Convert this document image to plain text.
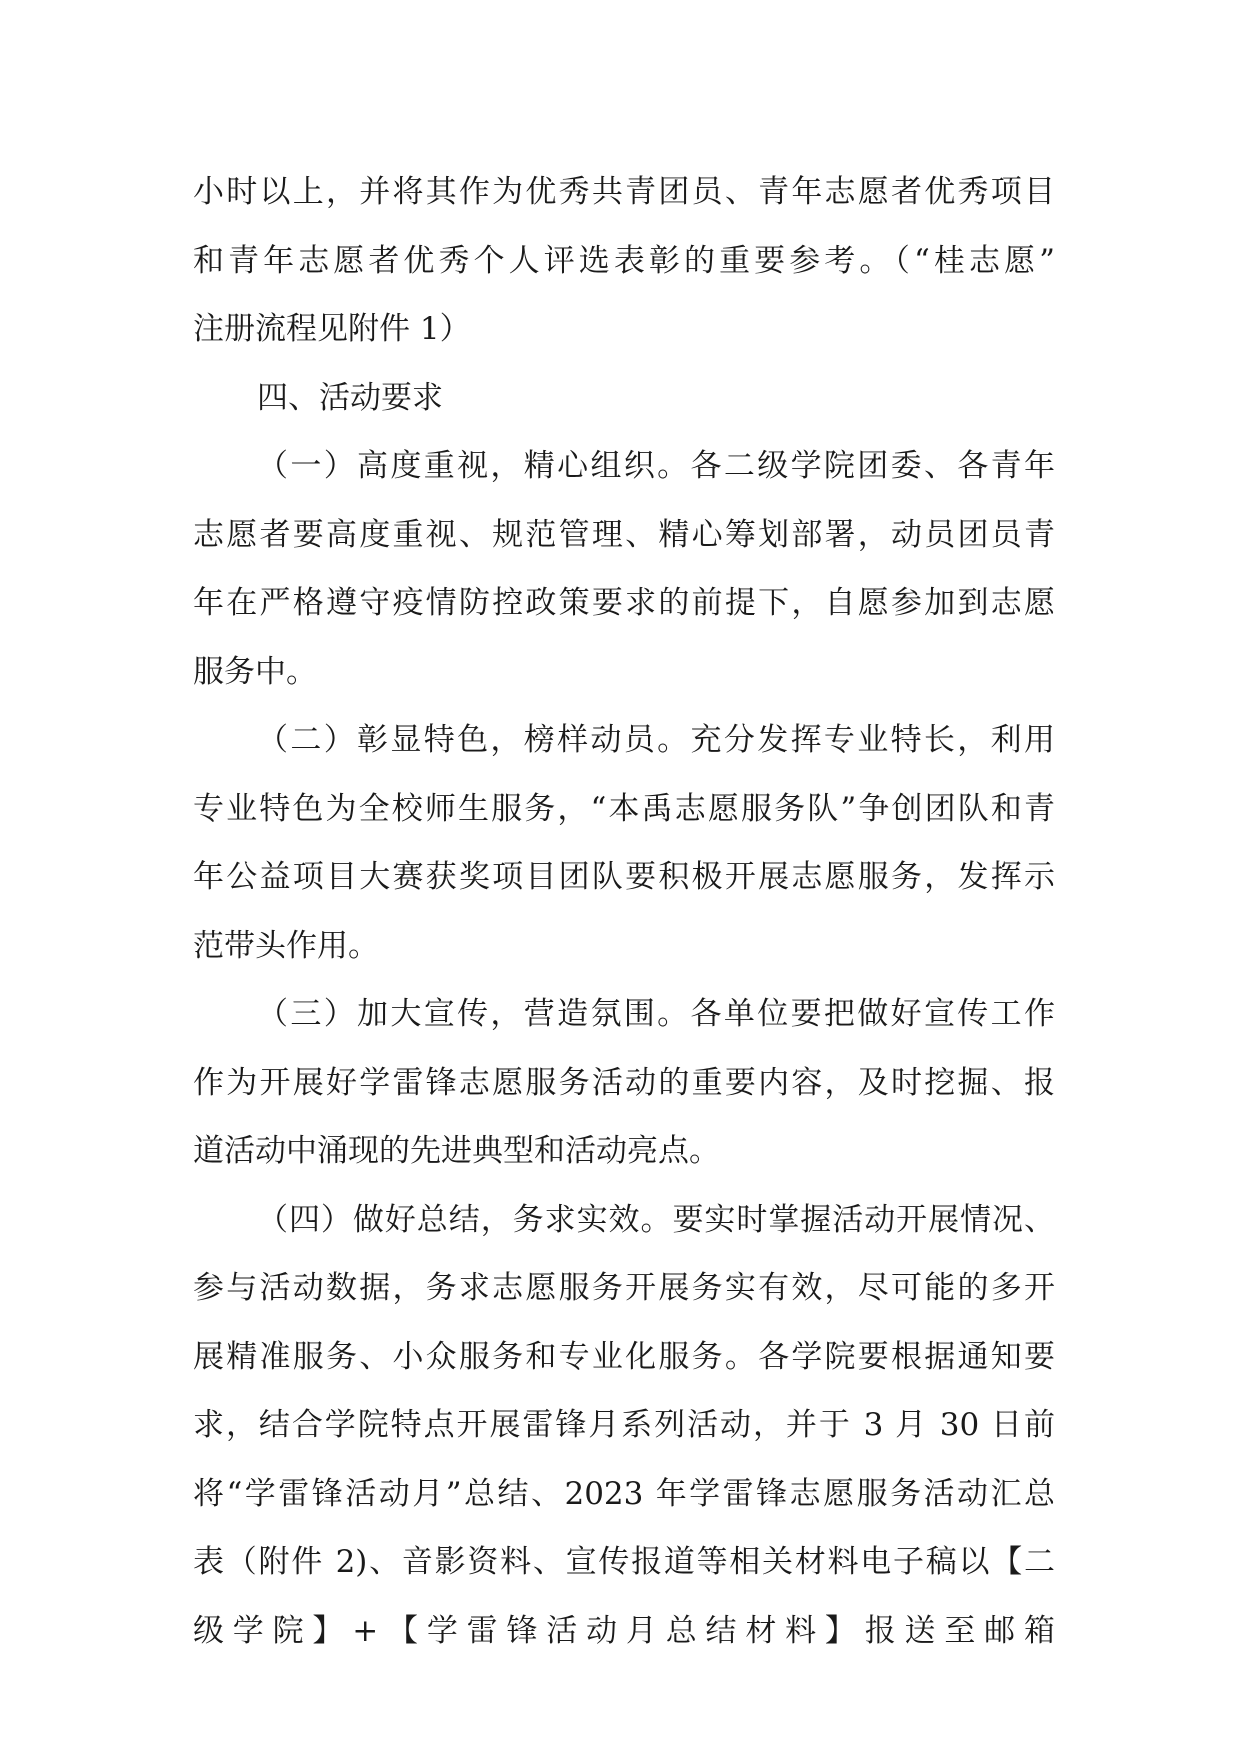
小时以上，并将其作为优秀共青团员、青年志愿者优秀项目
和青年志愿者优秀个人评选表彰的重要参考。（“桂志愿”
注册流程见附件 1）
四、活动要求
（一）高度重视，精心组织。各二级学院团委、各青年
志愿者要高度重视、规范管理、精心筹划部署，动员团员青
年在严格遵守疫情防控政策要求的前提下，自愿参加到志愿
服务中。
（二）彰显特色，榜样动员。充分发挥专业特长，利用
专业特色为全校师生服务，“本禹志愿服务队”争创团队和青
年公益项目大赛获奖项目团队要积极开展志愿服务，发挥示
范带头作用。
（三）加大宣传，营造氛围。各单位要把做好宣传工作
作为开展好学雷锋志愿服务活动的重要内容，及时挖掘、报
道活动中涌现的先进典型和活动亮点。
（四）做好总结，务求实效。要实时掌握活动开展情况、
参与活动数据，务求志愿服务开展务实有效，尽可能的多开
展精准服务、小众服务和专业化服务。各学院要根据通知要
求，结合学院特点开展雷锋月系列活动，并于 3 月 30 日前
将“学雷锋活动月”总结、2023 年学雷锋志愿服务活动汇总
表（附件 2)、音影资料、宣传报道等相关材料电子稿以【二
级学院】+【学雷锋活动月总结材料】报送至邮箱
